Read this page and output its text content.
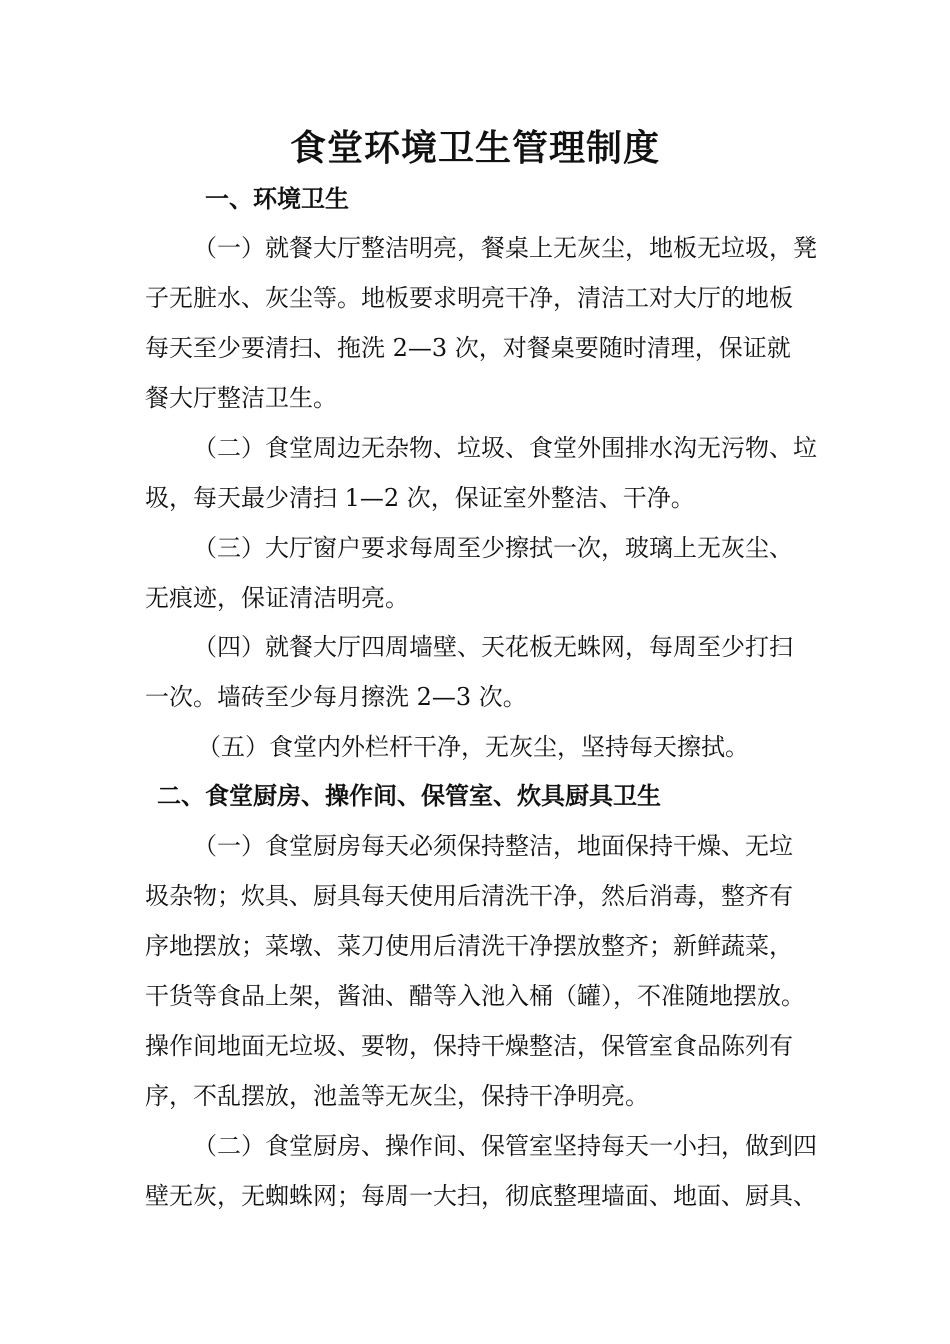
食堂环境卫生管理制度
一、环境卫生
（一）就餐大厅整洁明亮，餐桌上无灰尘，地板无垃圾，凳
子无脏水、灰尘等。地板要求明亮干净，清洁工对大厅的地板
每天至少要清扫、拖洗 2—3 次，对餐桌要随时清理，保证就
餐大厅整洁卫生。
（二）食堂周边无杂物、垃圾、食堂外围排水沟无污物、垃
圾，每天最少清扫 1—2 次，保证室外整洁、干净。
（三）大厅窗户要求每周至少擦拭一次，玻璃上无灰尘、
无痕迹，保证清洁明亮。
（四）就餐大厅四周墙壁、天花板无蛛网，每周至少打扫
一次。墙砖至少每月擦洗 2—3 次。
（五）食堂内外栏杆干净，无灰尘，坚持每天擦拭。
二、食堂厨房、操作间、保管室、炊具厨具卫生
（一）食堂厨房每天必须保持整洁，地面保持干燥、无垃
圾杂物；炊具、厨具每天使用后清洗干净，然后消毒，整齐有
序地摆放；菜墩、菜刀使用后清洗干净摆放整齐；新鲜蔬菜，
干货等食品上架，酱油、醋等入池入桶（罐），不准随地摆放。
操作间地面无垃圾、要物，保持干燥整洁，保管室食品陈列有
序，不乱摆放，池盖等无灰尘，保持干净明亮。
（二）食堂厨房、操作间、保管室坚持每天一小扫，做到四
壁无灰，无蜘蛛网；每周一大扫，彻底整理墙面、地面、厨具、
